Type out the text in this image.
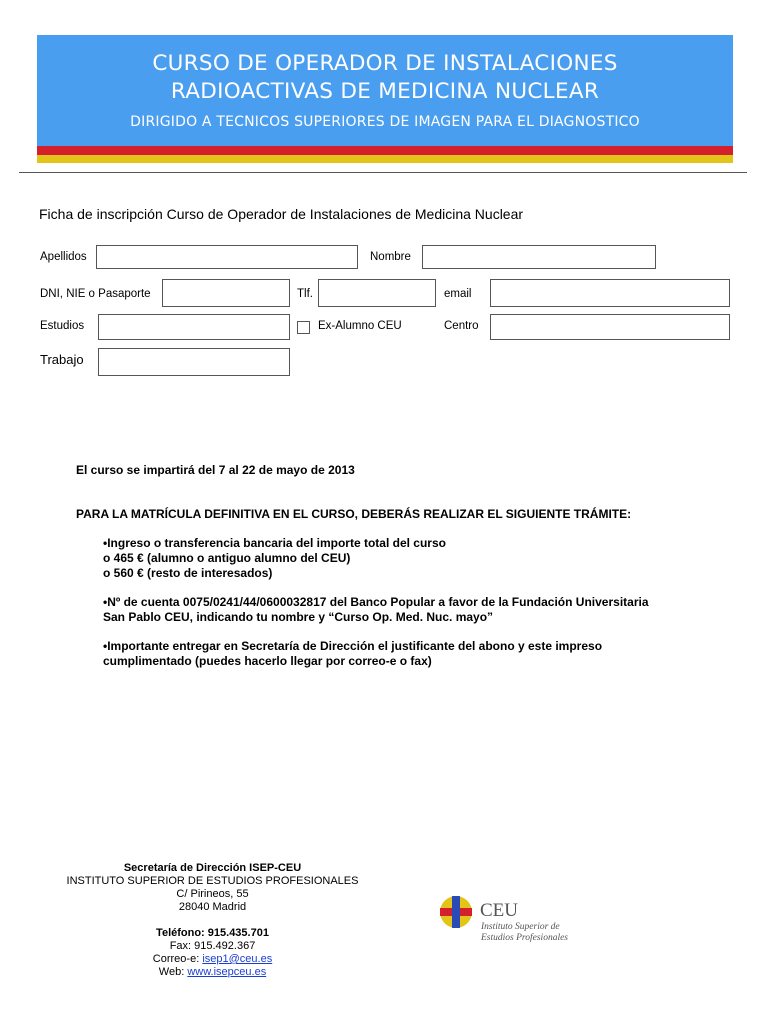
CURSO DE OPERADOR DE INSTALACIONES
RADIOACTIVAS DE MEDICINA NUCLEAR
DIRIGIDO A TECNICOS SUPERIORES DE IMAGEN PARA EL DIAGNOSTICO
Ficha de inscripción Curso de Operador de Instalaciones de Medicina Nuclear
Apellidos	Nombre
DNI, NIE o Pasaporte	Tlf.	email
Estudios	Ex-Alumno CEU	Centro
Trabajo
El curso se impartirá del 7 al 22 de mayo de 2013
PARA LA MATRÍCULA DEFINITIVA EN EL CURSO, DEBERÁS REALIZAR EL SIGUIENTE TRÁMITE:
•Ingreso o transferencia bancaria del importe total del curso
o 465 € (alumno o antiguo alumno del CEU)
o 560 € (resto de interesados)
•Nº de cuenta 0075/0241/44/0600032817 del Banco Popular a favor de la Fundación Universitaria
San Pablo CEU, indicando tu nombre y “Curso Op. Med. Nuc. mayo”
•Importante entregar en Secretaría de Dirección el justificante del abono y este impreso
cumplimentado (puedes hacerlo llegar por correo-e o fax)
Secretaría de Dirección ISEP-CEU
INSTITUTO SUPERIOR DE ESTUDIOS PROFESIONALES
C/ Pirineos, 55
28040 Madrid
Teléfono: 915.435.701
Fax: 915.492.367
Correo-e: isep1@ceu.es
Web: www.isepceu.es
CEU
Instituto Superior de
Estudios Profesionales
